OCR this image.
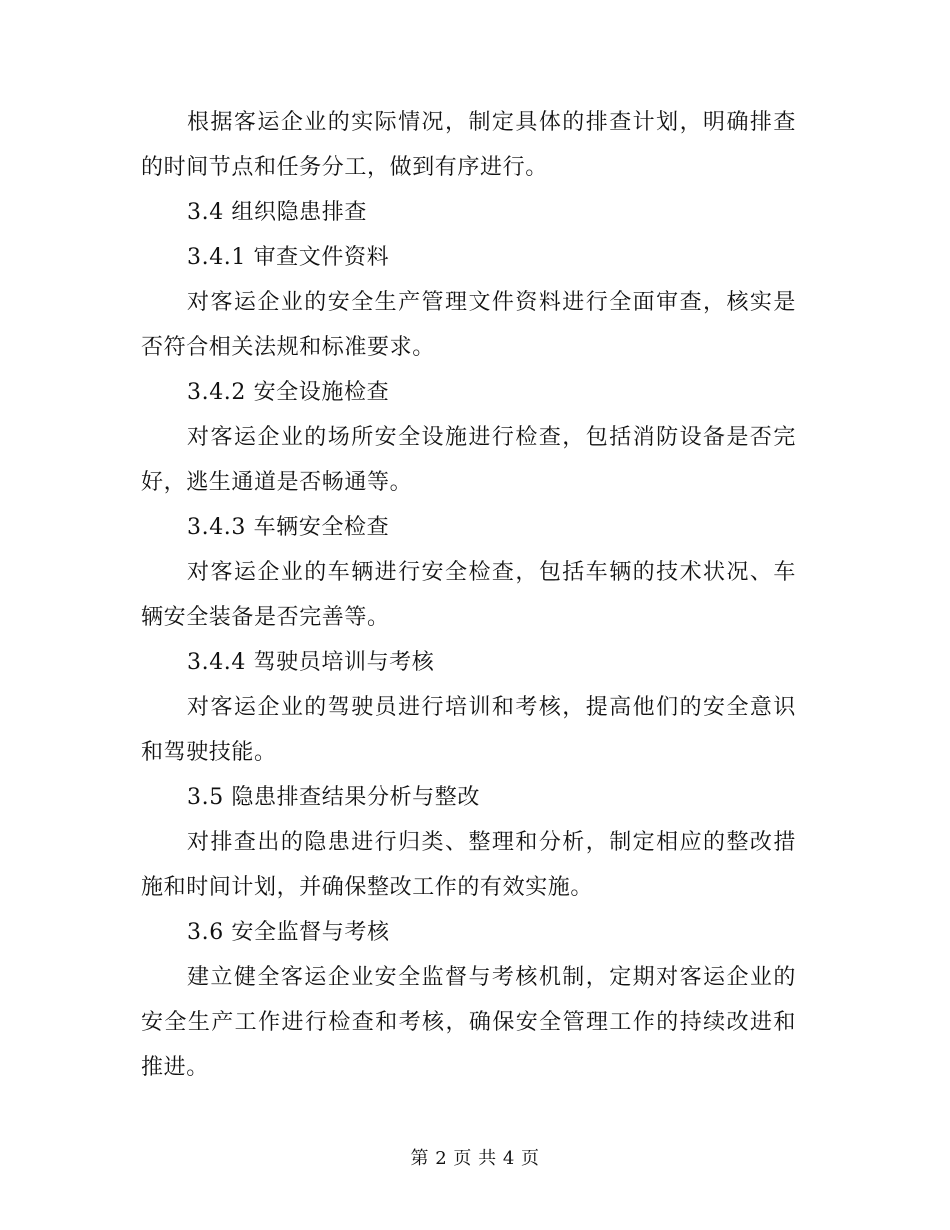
根据客运企业的实际情况，制定具体的排查计划，明确排查的时间节点和任务分工，做到有序进行。

3.4 组织隐患排查

3.4.1 审查文件资料

对客运企业的安全生产管理文件资料进行全面审查，核实是否符合相关法规和标准要求。

3.4.2 安全设施检查

对客运企业的场所安全设施进行检查，包括消防设备是否完好，逃生通道是否畅通等。

3.4.3 车辆安全检查

对客运企业的车辆进行安全检查，包括车辆的技术状况、车辆安全装备是否完善等。

3.4.4 驾驶员培训与考核

对客运企业的驾驶员进行培训和考核，提高他们的安全意识和驾驶技能。

3.5 隐患排查结果分析与整改

对排查出的隐患进行归类、整理和分析，制定相应的整改措施和时间计划，并确保整改工作的有效实施。

3.6 安全监督与考核

建立健全客运企业安全监督与考核机制，定期对客运企业的安全生产工作进行检查和考核，确保安全管理工作的持续改进和推进。

第 2 页 共 4 页
